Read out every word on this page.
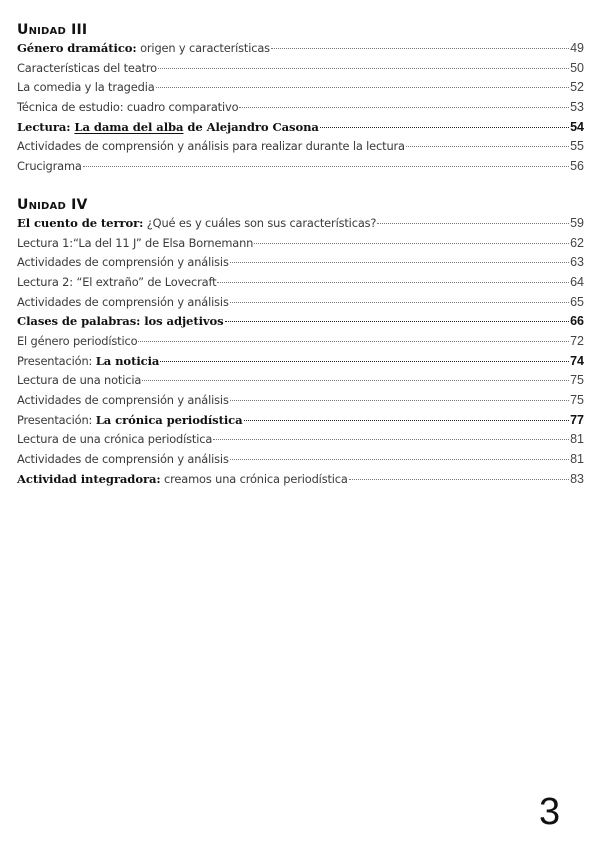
Unidad III
Género dramático: origen y características	49
Características del teatro	50
La comedia y la tragedia	52
Técnica de estudio: cuadro comparativo	53
Lectura: La dama del alba de Alejandro Casona	54
Actividades de comprensión y análisis para realizar durante la lectura	55
Crucigrama	56
Unidad IV
El cuento de terror: ¿Qué es y cuáles son sus características?	59
Lectura 1:“La del 11 J” de Elsa Bornemann	62
Actividades de comprensión y análisis	63
Lectura 2: “El extraño” de Lovecraft	64
Actividades de comprensión y análisis	65
Clases de palabras: los adjetivos	66
El género periodístico	72
Presentación: La noticia	74
Lectura de una noticia	75
Actividades de comprensión y análisis	75
Presentación: La crónica periodística	77
Lectura de una crónica periodística	81
Actividades de comprensión y análisis	81
Actividad integradora: creamos una crónica periodística	83
3
